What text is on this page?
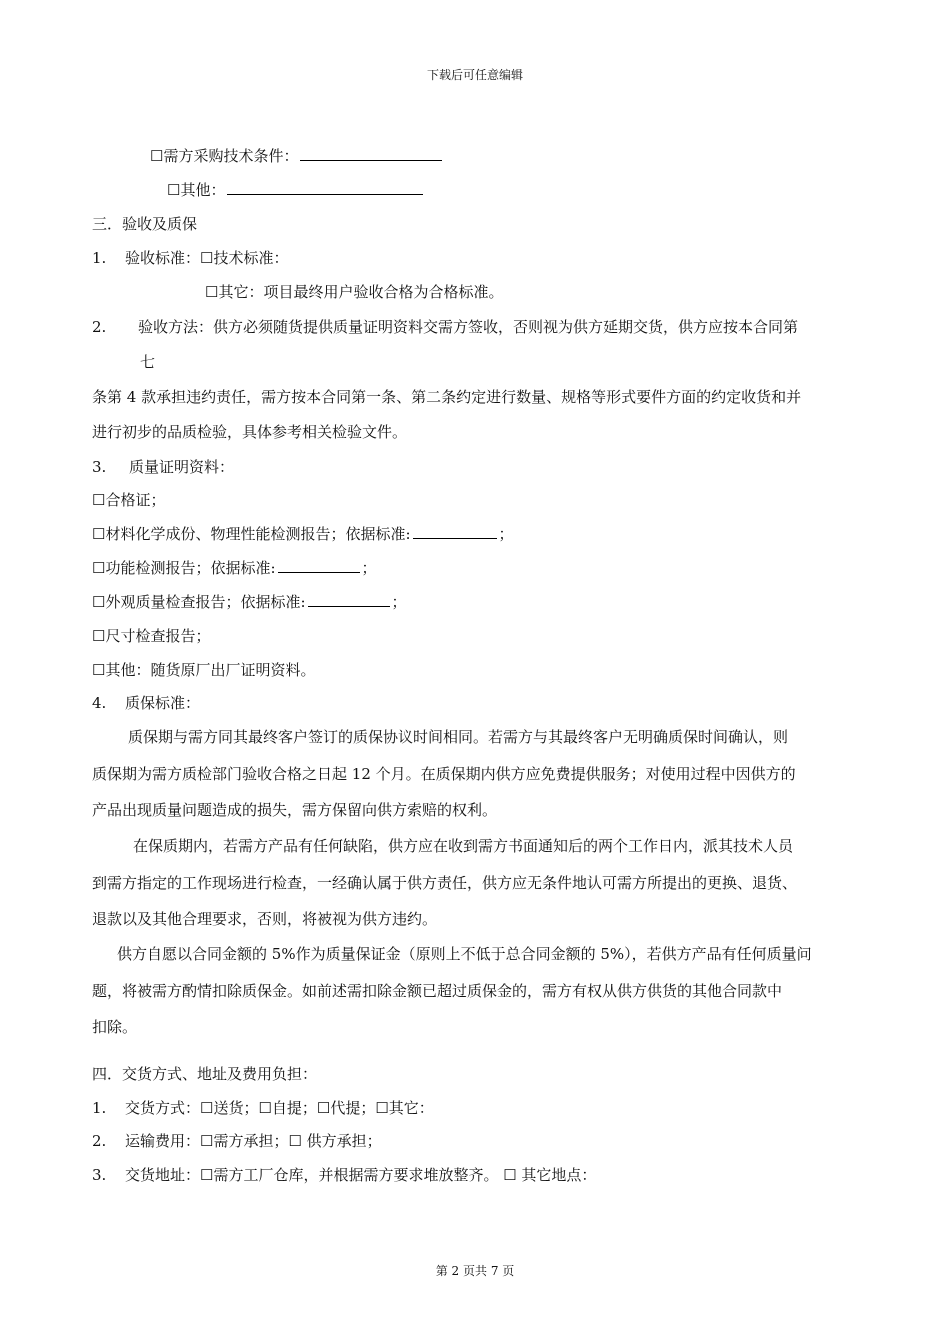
下载后可任意编辑
☐需方采购技术条件：
☐其他：
三．验收及质保
1. 验收标准：☐技术标准：
☐其它：项目最终用户验收合格为合格标准。
2. 验收方法：供方必须随货提供质量证明资料交需方签收，否则视为供方延期交货，供方应按本合同第
七
条第 4 款承担违约责任，需方按本合同第一条、第二条约定进行数量、规格等形式要件方面的约定收货和并
进行初步的品质检验，具体参考相关检验文件。
3. 质量证明资料：
☐合格证；
☐材料化学成份、物理性能检测报告；依据标准:	；
☐功能检测报告；依据标准:	；
☐外观质量检查报告；依据标准:	；
☐尺寸检查报告；
☐其他：随货原厂出厂证明资料。
4. 质保标准：
质保期与需方同其最终客户签订的质保协议时间相同。若需方与其最终客户无明确质保时间确认，则
质保期为需方质检部门验收合格之日起 12 个月。在质保期内供方应免费提供服务；对使用过程中因供方的
产品出现质量问题造成的损失，需方保留向供方索赔的权利。
在保质期内，若需方产品有任何缺陷，供方应在收到需方书面通知后的两个工作日内，派其技术人员
到需方指定的工作现场进行检查，一经确认属于供方责任，供方应无条件地认可需方所提出的更换、退货、
退款以及其他合理要求，否则，将被视为供方违约。
供方自愿以合同金额的 5%作为质量保证金（原则上不低于总合同金额的 5%），若供方产品有任何质量问
题，将被需方酌情扣除质保金。如前述需扣除金额已超过质保金的，需方有权从供方供货的其他合同款中
扣除。
四．交货方式、地址及费用负担：
1. 交货方式：☐送货；☐自提；☐代提；☐其它：
2. 运输费用：☐需方承担；☐ 供方承担；
3. 交货地址：☐需方工厂仓库，并根据需方要求堆放整齐。 ☐ 其它地点：
第 2 页共 7 页
